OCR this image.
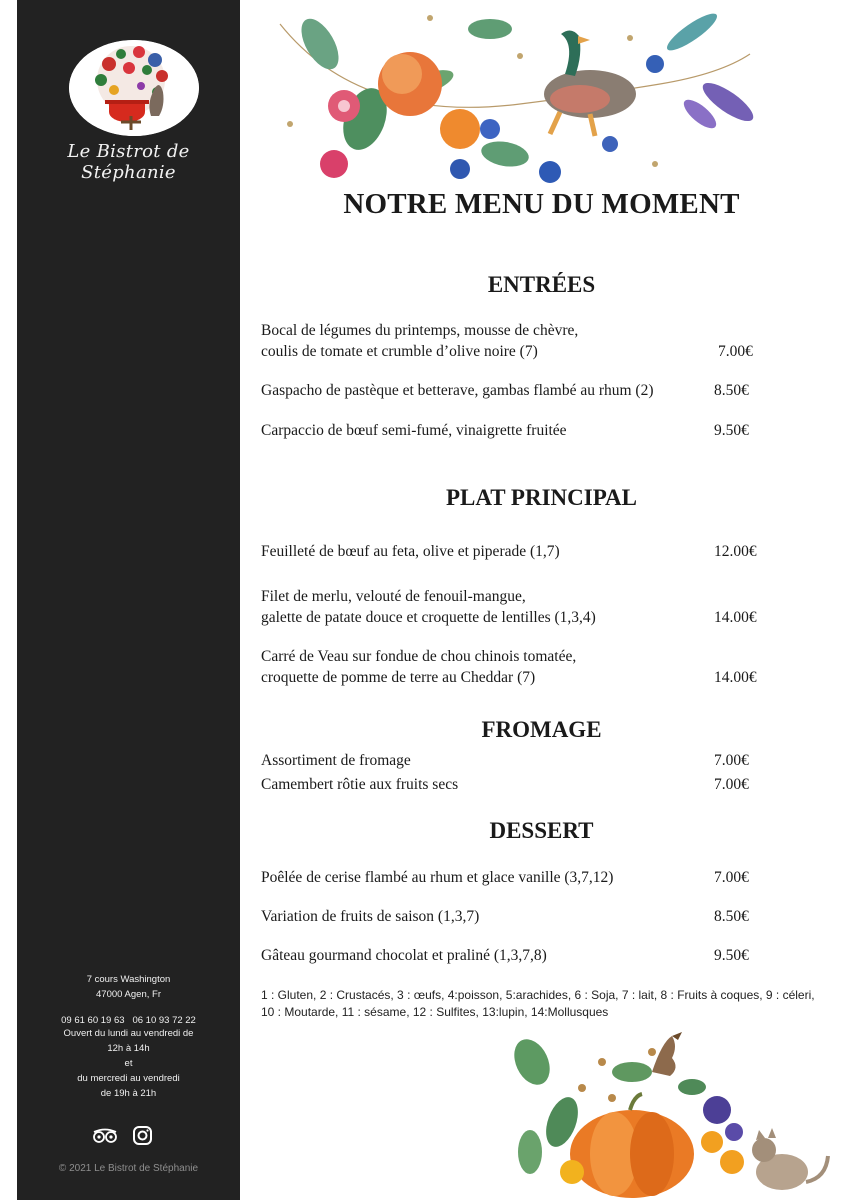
Le Bistrot de Stéphanie
7 cours Washington
47000 Agen, Fr
09 61 60 19 63   06 10 93 72 22
Ouvert du lundi au vendredi de
12h à 14h
et
du mercredi au vendredi
de 19h à 21h
© 2021 Le Bistrot de Stéphanie
NOTRE MENU DU MOMENT
ENTRÉES
Bocal de légumes du printemps, mousse de chèvre,
coulis de tomate et crumble d’olive noire (7)	7.00€
Gaspacho de pastèque et betterave, gambas flambé au rhum (2)	8.50€
Carpaccio de bœuf semi-fumé, vinaigrette fruitée	9.50€
PLAT PRINCIPAL
Feuilleté de bœuf au feta, olive et piperade (1,7)	12.00€
Filet de merlu, velouté de fenouil-mangue,
galette de patate douce et croquette de lentilles (1,3,4)	14.00€
Carré de Veau sur fondue de chou chinois tomatée,
croquette de pomme de terre au Cheddar (7)	14.00€
FROMAGE
Assortiment de fromage	7.00€
Camembert rôtie aux fruits secs	7.00€
DESSERT
Poêlée de cerise flambé au rhum et glace vanille (3,7,12)	7.00€
Variation de fruits de saison (1,3,7)	8.50€
Gâteau gourmand chocolat et praliné (1,3,7,8)	9.50€
1 : Gluten, 2 : Crustacés, 3 : œufs, 4:poisson, 5:arachides, 6 : Soja, 7 : lait, 8 : Fruits à coques, 9 : céleri, 10 : Moutarde, 11 : sésame, 12 : Sulfites, 13:lupin, 14:Mollusques
